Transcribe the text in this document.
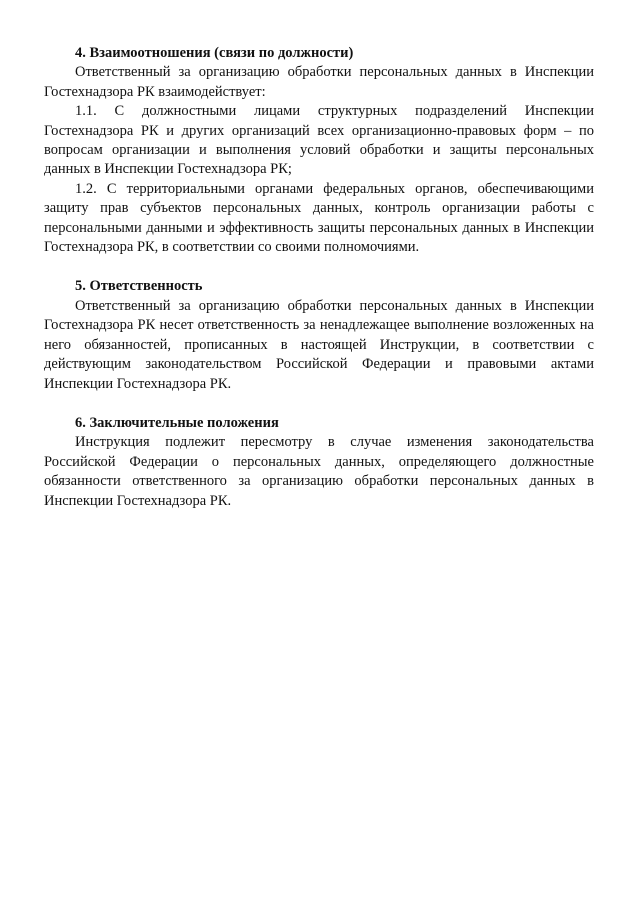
4. Взаимоотношения (связи по должности)

Ответственный за организацию обработки персональных данных в Инспекции Гостехнадзора РК взаимодействует:

1.1. С должностными лицами структурных подразделений Инспекции Гостехнадзора РК и других организаций всех организационно-правовых форм – по вопросам организации и выполнения условий обработки и защиты персональных данных в Инспекции Гостехнадзора РК;

1.2. С территориальными органами федеральных органов, обеспечивающими защиту прав субъектов персональных данных, контроль организации работы с персональными данными и эффективность защиты персональных данных в Инспекции Гостехнадзора РК, в соответствии со своими полномочиями.

5. Ответственность

Ответственный за организацию обработки персональных данных в Инспекции Гостехнадзора РК несет ответственность за ненадлежащее выполнение возложенных на него обязанностей, прописанных в настоящей Инструкции, в соответствии с действующим законодательством Российской Федерации и правовыми актами Инспекции Гостехнадзора РК.

6. Заключительные положения

Инструкция подлежит пересмотру в случае изменения законодательства Российской Федерации о персональных данных, определяющего должностные обязанности ответственного за организацию обработки персональных данных в Инспекции Гостехнадзора РК.
